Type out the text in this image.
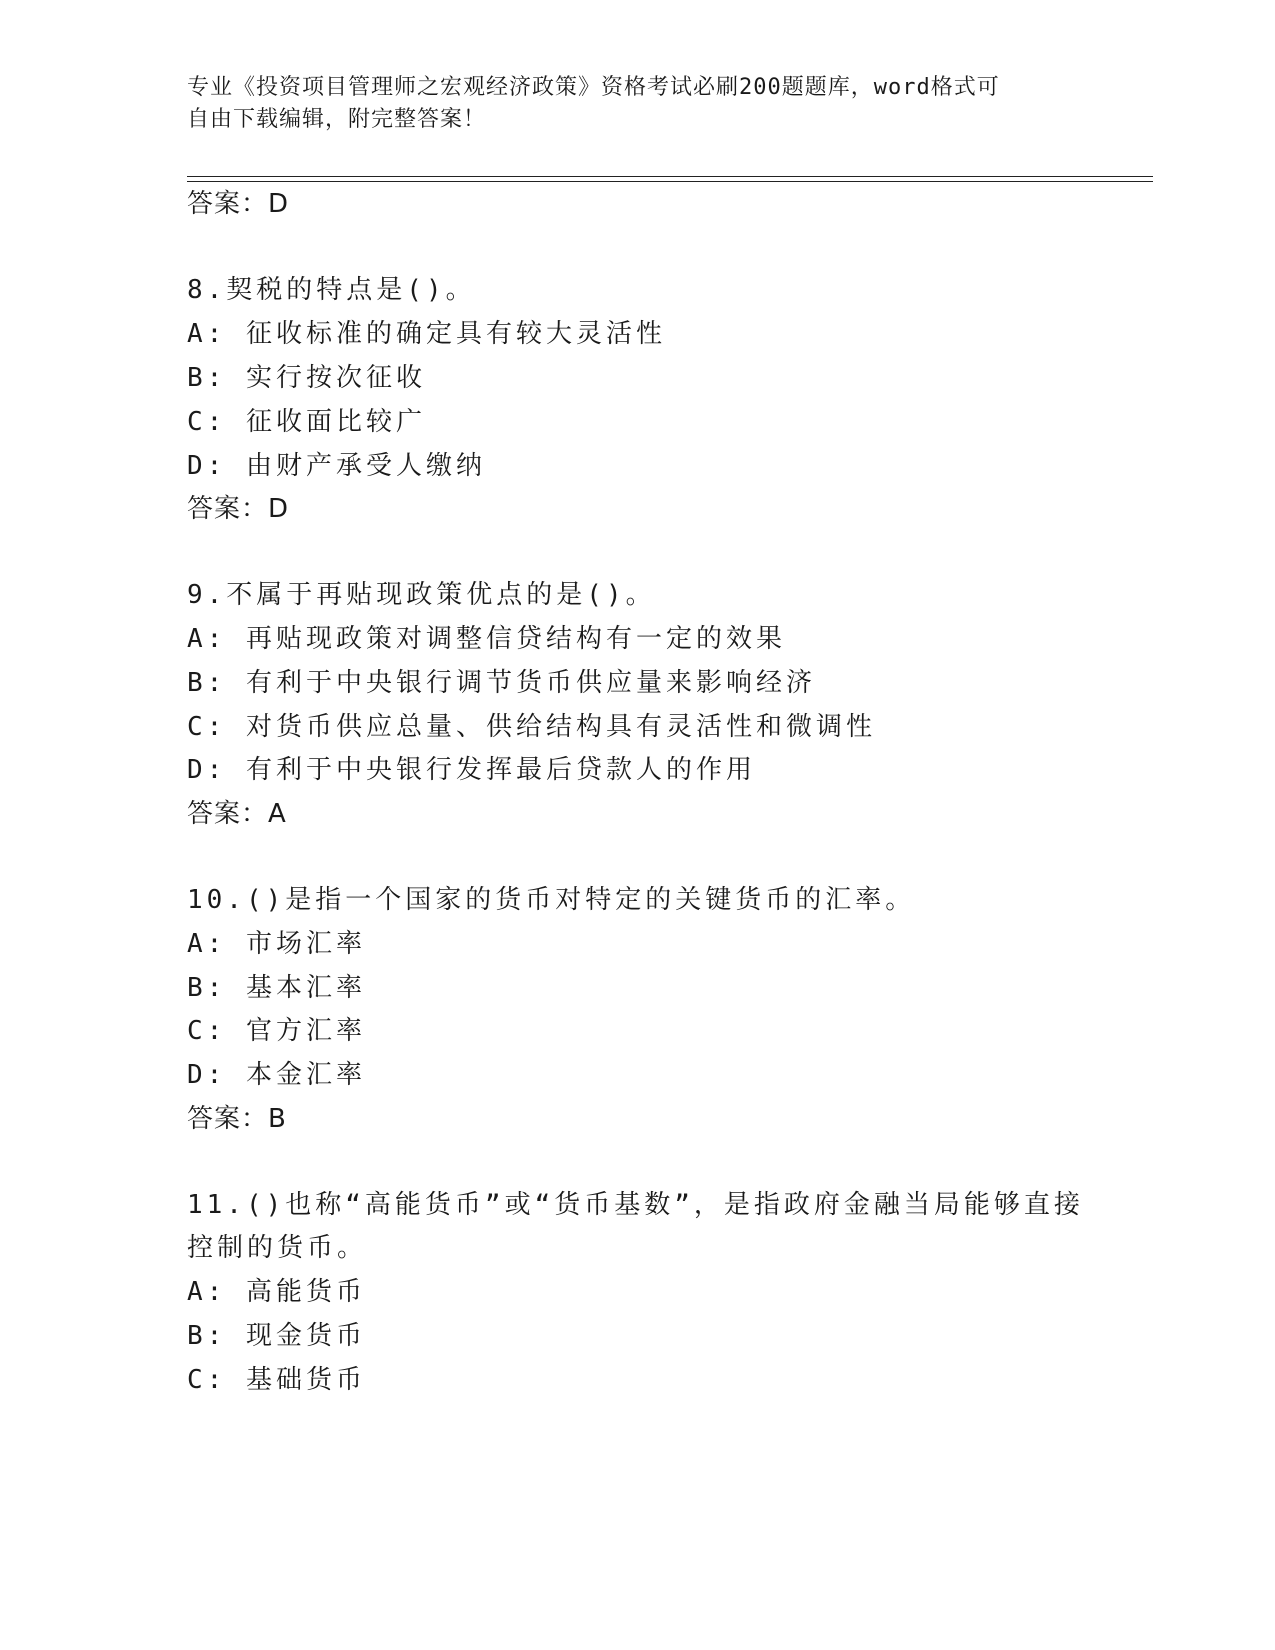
专业《投资项目管理师之宏观经济政策》资格考试必刷200题题库，word格式可
自由下载编辑，附完整答案！
答案：D
8.契税的特点是()。
A: 征收标准的确定具有较大灵活性
B: 实行按次征收
C: 征收面比较广
D: 由财产承受人缴纳
答案：D
9.不属于再贴现政策优点的是()。
A: 再贴现政策对调整信贷结构有一定的效果
B: 有利于中央银行调节货币供应量来影响经济
C: 对货币供应总量、供给结构具有灵活性和微调性
D: 有利于中央银行发挥最后贷款人的作用
答案：A
10.()是指一个国家的货币对特定的关键货币的汇率。
A: 市场汇率
B: 基本汇率
C: 官方汇率
D: 本金汇率
答案：B
11.()也称“高能货币”或“货币基数”，是指政府金融当局能够直接
控制的货币。
A: 高能货币
B: 现金货币
C: 基础货币
